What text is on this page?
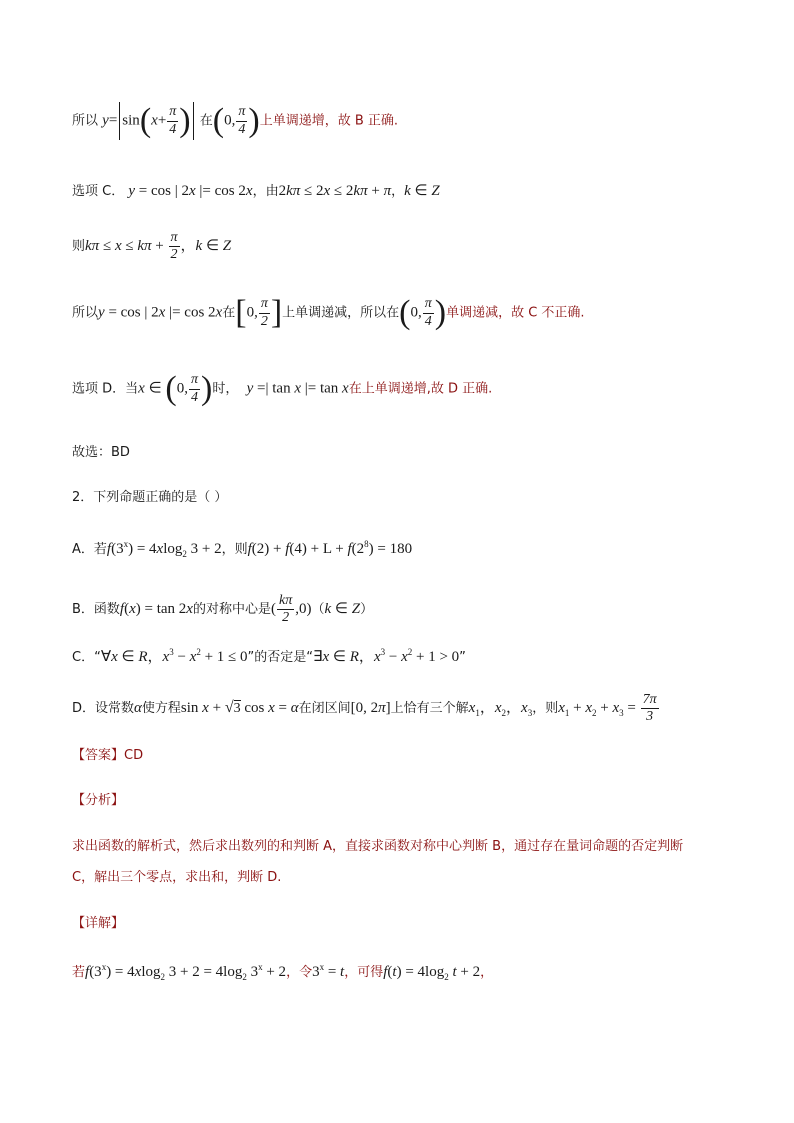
所以 $y= \sin(x+ \frac{\pi}{4}$ ) 在(0, $\frac{\pi}{4}$ )上单调递增，故 B 正确.
选项 C． y = cos | 2x |= cos 2x，由2kπ ≤ 2x ≤ 2kπ + π，k ∈ Z
则$k\pi \le x \le k\pi + \frac{\pi}{2}$ ，k ∈ Z
所以y = cos | 2x |= cos 2x在[0, $\frac{\pi}{2}$ ]上单调递减，所以在(0, $\frac{\pi}{4}$ )单调递减，故 C 不正确.
选项 D．当x ∈ (0, $\frac{\pi}{4}$ )时， y =| tan x |= tan x在上单调递增,故 D 正确.
故选：BD
2．下列命题正确的是（ ）
A．若$f(3^x) = 4xlog_2$ 3 + 2，则$f(2) + f(4) + L + f(2^8) = 180$
B．函数f(x) = tan 2x的对称中心是( $\frac{k\pi}{2} ,0)(k$ ∈ Z）
C．“∀x ∈ R，$x^3 - x^2 + 1 \le 0$”的否定是“∃x ∈ R，$x^3 - x^2 + 1 > 0$”
D．设常数α使方程sin x + √3 cos x = α在闭区间[0, 2π]上恰有三个解$x_1$，$x_2$，$x_3$，则$x_1 + x_2 + x_3 = \frac{7\pi}{3}$
【答案】CD
【分析】
求出函数的解析式，然后求出数列的和判断 A，直接求函数对称中心判断 B，通过存在量词命题的否定判断
C，解出三个零点，求出和，判断 D.
【详解】
若$f(3^x) = 4xlog_2$ $3 + 2 = 4\log_2$ $3^x + 2$，令$3^x = t$，可得$f(t) = 4\log_2$ t + 2，
